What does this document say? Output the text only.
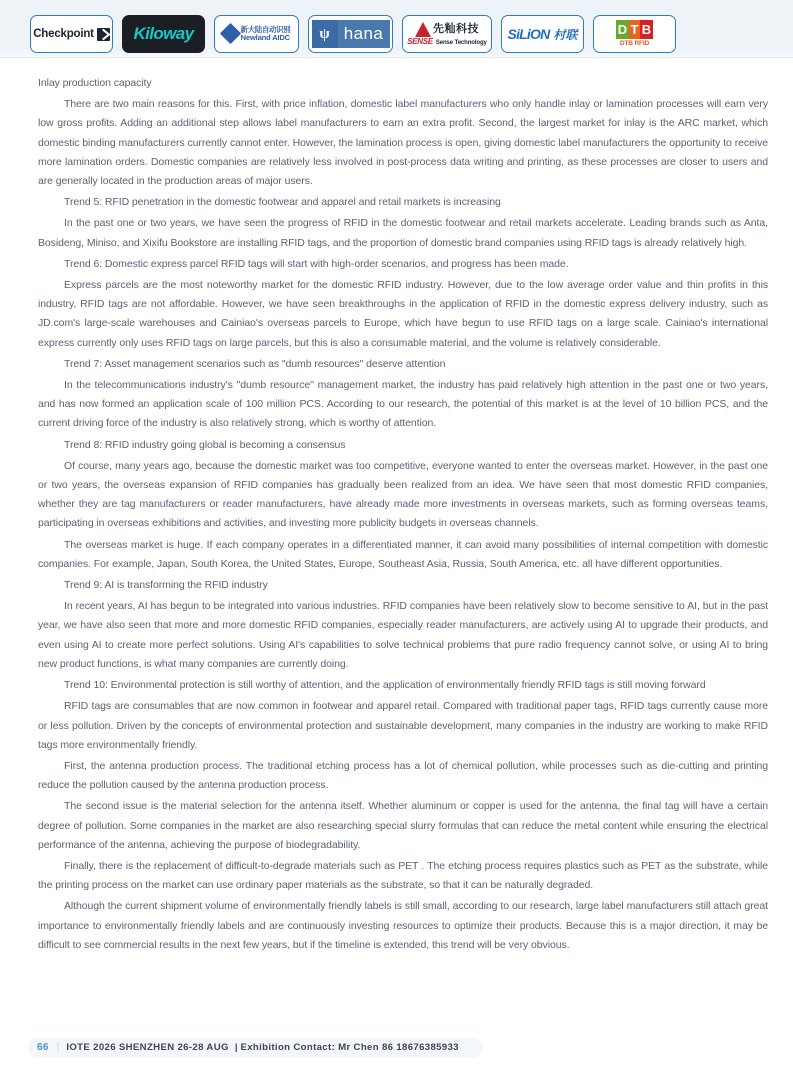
Checkpoint Kiloway	新大陆自动识别
Newland AIDC	ψ hana	先籼科技
SENSE Sense Technology
SiLiON 村联	D T B
DTB RFID

Inlay production capacity

There are two main reasons for this. First, with price inflation, domestic label manufacturers who only handle inlay or lamination processes will earn very low gross profits. Adding an additional step allows label manufacturers to earn an extra profit. Second, the largest market for inlay is the ARC market, which domestic binding manufacturers currently cannot enter. However, the lamination process is open, giving domestic label manufacturers the opportunity to receive more lamination orders. Domestic companies are relatively less involved in post-process data writing and printing, as these processes are closer to users and are generally located in the production areas of major users.

Trend 5: RFID penetration in the domestic footwear and apparel and retail markets is increasing

In the past one or two years, we have seen the progress of RFID in the domestic footwear and retail markets accelerate. Leading brands such as Anta, Bosideng, Miniso, and Xixifu Bookstore are installing RFID tags, and the proportion of domestic brand companies using RFID tags is already relatively high.

Trend 6: Domestic express parcel RFID tags will start with high-order scenarios, and progress has been made.

Express parcels are the most noteworthy market for the domestic RFID industry. However, due to the low average order value and thin profits in this industry, RFID tags are not affordable. However, we have seen breakthroughs in the application of RFID in the domestic express delivery industry, such as JD.com's large-scale warehouses and Cainiao's overseas parcels to Europe, which have begun to use RFID tags on a large scale. Cainiao's international express currently only uses RFID tags on large parcels, but this is also a consumable material, and the volume is relatively considerable.

Trend 7: Asset management scenarios such as "dumb resources" deserve attention

In the telecommunications industry's "dumb resource" management market, the industry has paid relatively high attention in the past one or two years, and has now formed an application scale of 100 million PCS. According to our research, the potential of this market is at the level of 10 billion PCS, and the current driving force of the industry is also relatively strong, which is worthy of attention.

Trend 8: RFID industry going global is becoming a consensus

Of course, many years ago, because the domestic market was too competitive, everyone wanted to enter the overseas market. However, in the past one or two years, the overseas expansion of RFID companies has gradually been realized from an idea. We have seen that most domestic RFID companies, whether they are tag manufacturers or reader manufacturers, have already made more investments in overseas markets, such as forming overseas teams, participating in overseas exhibitions and activities, and investing more publicity budgets in overseas channels.

The overseas market is huge. If each company operates in a differentiated manner, it can avoid many possibilities of internal competition with domestic companies. For example, Japan, South Korea, the United States, Europe, Southeast Asia, Russia, South America, etc. all have different opportunities.

Trend 9: AI is transforming the RFID industry

In recent years, AI has begun to be integrated into various industries. RFID companies have been relatively slow to become sensitive to AI, but in the past year, we have also seen that more and more domestic RFID companies, especially reader manufacturers, are actively using AI to upgrade their products, and even using AI to create more perfect solutions. Using AI's capabilities to solve technical problems that pure radio frequency cannot solve, or using AI to bring new product functions, is what many companies are currently doing.

Trend 10: Environmental protection is still worthy of attention, and the application of environmentally friendly RFID tags is still moving forward

RFID tags are consumables that are now common in footwear and apparel retail. Compared with traditional paper tags, RFID tags currently cause more or less pollution. Driven by the concepts of environmental protection and sustainable development, many companies in the industry are working to make RFID tags more environmentally friendly.

First, the antenna production process. The traditional etching process has a lot of chemical pollution, while processes such as die-cutting and printing reduce the pollution caused by the antenna production process.

The second issue is the material selection for the antenna itself. Whether aluminum or copper is used for the antenna, the final tag will have a certain degree of pollution. Some companies in the market are also researching special slurry formulas that can reduce the metal content while ensuring the electrical performance of the antenna, achieving the purpose of biodegradability.

Finally, there is the replacement of difficult-to-degrade materials such as PET . The etching process requires plastics such as PET as the substrate, while the printing process on the market can use ordinary paper materials as the substrate, so that it can be naturally degraded.

Although the current shipment volume of environmentally friendly labels is still small, according to our research, large label manufacturers still attach great importance to environmentally friendly labels and are continuously investing resources to optimize their products. Because this is a major direction, it may be difficult to see commercial results in the next few years, but if the timeline is extended, this trend will be very obvious.

66 | IOTE 2026 SHENZHEN 26-28 AUG | Exhibition Contact: Mr Chen 86 18676385933
